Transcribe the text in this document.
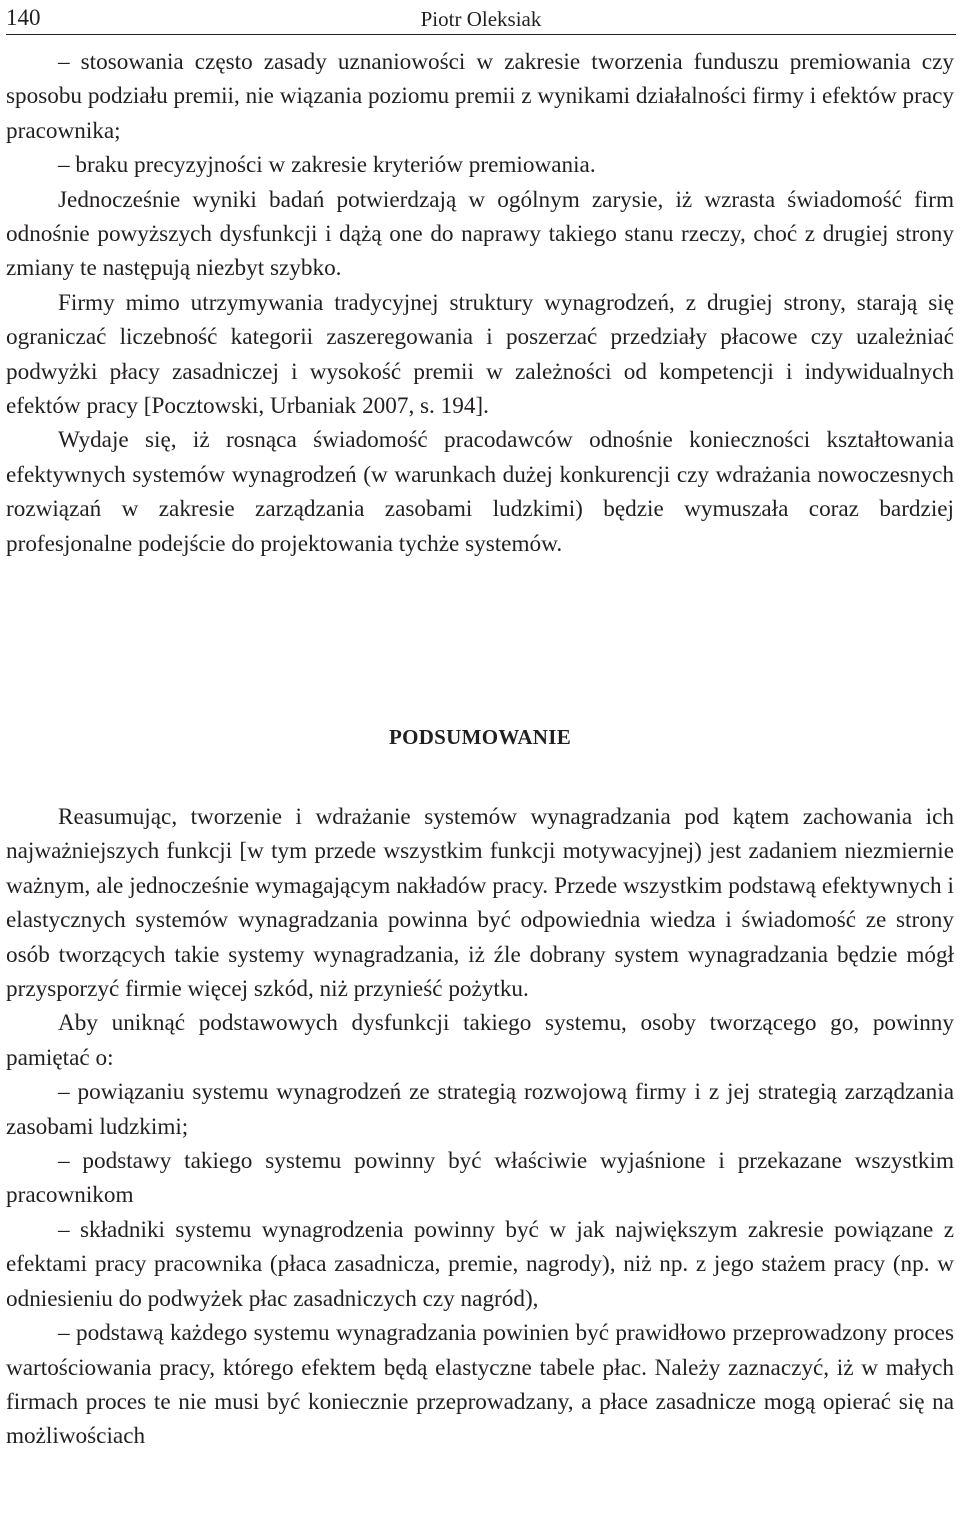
140	Piotr Oleksiak

– stosowania często zasady uznaniowości w zakresie tworzenia funduszu premiowania czy sposobu podziału premii, nie wiązania poziomu premii z wynikami działalności firmy i efektów pracy pracownika;

– braku precyzyjności w zakresie kryteriów premiowania.

Jednocześnie wyniki badań potwierdzają w ogólnym zarysie, iż wzrasta świadomość firm odnośnie powyższych dysfunkcji i dążą one do naprawy takiego stanu rzeczy, choć z drugiej strony zmiany te następują niezbyt szybko.

Firmy mimo utrzymywania tradycyjnej struktury wynagrodzeń, z drugiej strony, starają się ograniczać liczebność kategorii zaszeregowania i poszerzać przedziały płacowe czy uzależniać podwyżki płacy zasadniczej i wysokość premii w zależności od kompetencji i indywidualnych efektów pracy [Pocztowski, Urbaniak 2007, s. 194].

Wydaje się, iż rosnąca świadomość pracodawców odnośnie konieczności kształtowania efektywnych systemów wynagrodzeń (w warunkach dużej konkurencji czy wdrażania nowoczesnych rozwiązań w zakresie zarządzania zasobami ludzkimi) będzie wymuszała coraz bardziej profesjonalne podejście do projektowania tychże systemów.

PODSUMOWANIE

Reasumując, tworzenie i wdrażanie systemów wynagradzania pod kątem zachowania ich najważniejszych funkcji [w tym przede wszystkim funkcji motywacyjnej) jest zadaniem niezmiernie ważnym, ale jednocześnie wymagającym nakładów pracy. Przede wszystkim podstawą efektywnych i elastycznych systemów wynagradzania powinna być odpowiednia wiedza i świadomość ze strony osób tworzących takie systemy wynagradzania, iż źle dobrany system wynagradzania będzie mógł przysporzyć firmie więcej szkód, niż przynieść pożytku.

Aby uniknąć podstawowych dysfunkcji takiego systemu, osoby tworzącego go, powinny pamiętać o:

– powiązaniu systemu wynagrodzeń ze strategią rozwojową firmy i z jej strategią zarządzania zasobami ludzkimi;

– podstawy takiego systemu powinny być właściwie wyjaśnione i przekazane wszystkim pracownikom

– składniki systemu wynagrodzenia powinny być w jak największym zakresie powiązane z efektami pracy pracownika (płaca zasadnicza, premie, nagrody), niż np. z jego stażem pracy (np. w odniesieniu do podwyżek płac zasadniczych czy nagród),

– podstawą każdego systemu wynagradzania powinien być prawidłowo przeprowadzony proces wartościowania pracy, którego efektem będą elastyczne tabele płac. Należy zaznaczyć, iż w małych firmach proces te nie musi być koniecznie przeprowadzany, a płace zasadnicze mogą opierać się na możliwościach
